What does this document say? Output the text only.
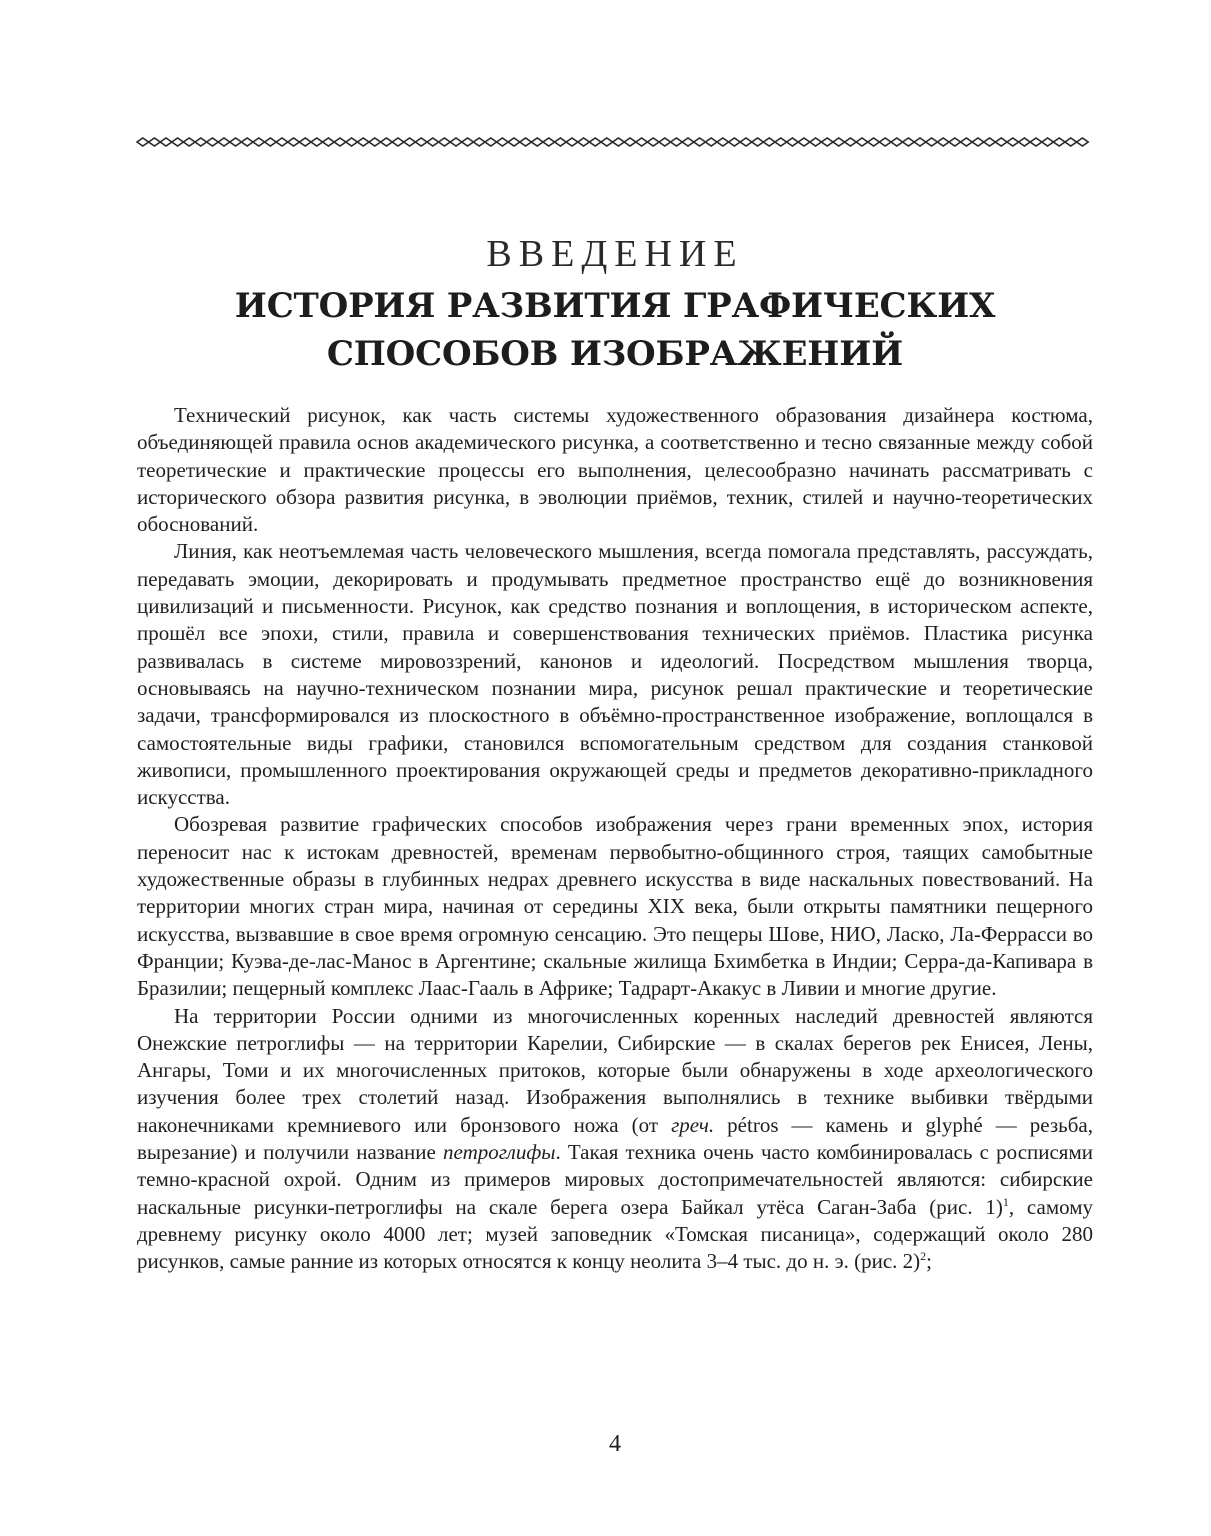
ВВЕДЕНИЕ
ИСТОРИЯ РАЗВИТИЯ ГРАФИЧЕСКИХ
СПОСОБОВ ИЗОБРАЖЕНИЙ

Технический рисунок, как часть системы художественного образования дизайнера костюма, объединяющей правила основ академического рисунка, а соответственно и тесно связанные между собой теоретические и практические процессы его выполнения, целесообразно начинать рассматривать с исторического обзора развития рисунка, в эволюции приёмов, техник, стилей и научно-теоретических обоснований.

Линия, как неотъемлемая часть человеческого мышления, всегда помогала представлять, рассуждать, передавать эмоции, декорировать и продумывать предметное пространство ещё до возникновения цивилизаций и письменности. Рисунок, как средство познания и воплощения, в историческом аспекте, прошёл все эпохи, стили, правила и совершенствования технических приёмов. Пластика рисунка развивалась в системе мировоззрений, канонов и идеологий. Посредством мышления творца, основываясь на научно-техническом познании мира, рисунок решал практические и теоретические задачи, трансформировался из плоскостного в объёмно-пространственное изображение, воплощался в самостоятельные виды графики, становился вспомогательным средством для создания станковой живописи, промышленного проектирования окружающей среды и предметов декоративно-прикладного искусства.

Обозревая развитие графических способов изображения через грани временных эпох, история переносит нас к истокам древностей, временам первобытно-общинного строя, таящих самобытные художественные образы в глубинных недрах древнего искусства в виде наскальных повествований. На территории многих стран мира, начиная от середины XIX века, были открыты памятники пещерного искусства, вызвавшие в свое время огромную сенсацию. Это пещеры Шове, НИО, Ласко, Ла-Феррасси во Франции; Куэва-де-лас-Манос в Аргентине; скальные жилища Бхимбетка в Индии; Серра-да-Капивара в Бразилии; пещерный комплекс Лаас-Гааль в Африке; Тадрарт-Акакус в Ливии и многие другие.

На территории России одними из многочисленных коренных наследий древностей являются Онежские петроглифы — на территории Карелии, Сибирские — в скалах берегов рек Енисея, Лены, Ангары, Томи и их многочисленных притоков, которые были обнаружены в ходе археологического изучения более трех столетий назад. Изображения выполнялись в технике выбивки твёрдыми наконечниками кремниевого или бронзового ножа (от греч. pétros — камень и glyphé — резьба, вырезание) и получили название петроглифы. Такая техника очень часто комбинировалась с росписями темно-красной охрой. Одним из примеров мировых достопримечательностей являются: сибирские наскальные рисунки-петроглифы на скале берега озера Байкал утёса Саган-Заба (рис. 1)$^1$, самому древнему рисунку около 4000 лет; музей заповедник «Томская писаница», содержащий около 280 рисунков, самые ранние из которых относятся к концу неолита 3–4 тыс. до н. э. (рис. 2)$^2$;

4
